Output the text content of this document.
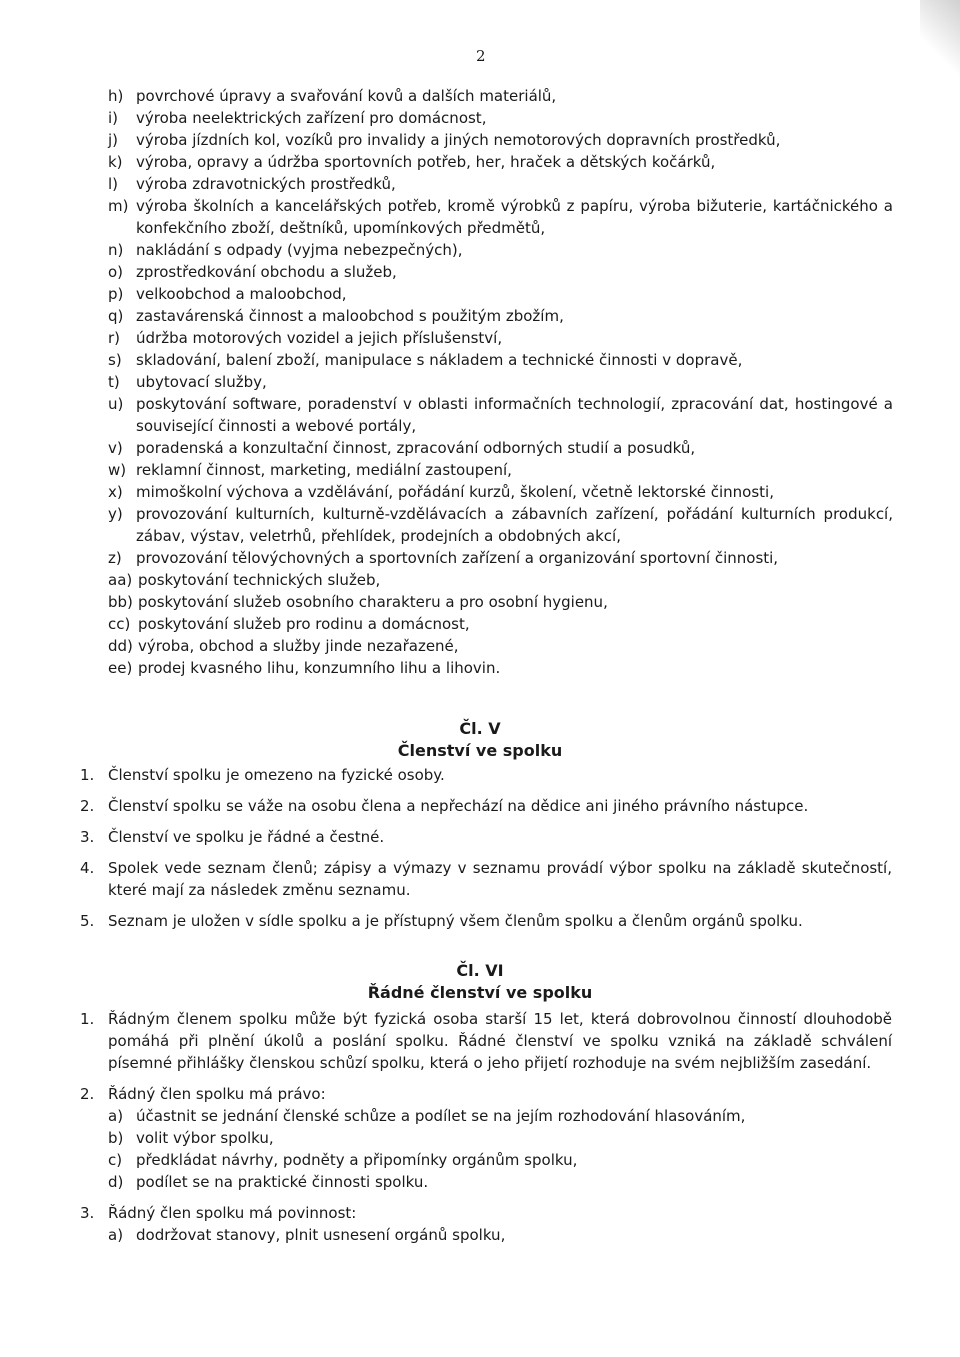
2
h) povrchové úpravy a svařování kovů a dalších materiálů,
i)	výroba neelektrických zařízení pro domácnost,
j)	výroba jízdních kol, vozíků pro invalidy a jiných nemotorových dopravních prostředků,
k) výroba, opravy a údržba sportovních potřeb, her, hraček a dětských kočárků,
l)	výroba zdravotnických prostředků,
m) výroba školních a kancelářských potřeb, kromě výrobků z papíru, výroba bižuterie, kartáčnického a konfekčního zboží, deštníků, upomínkových předmětů,
n) nakládání s odpady (vyjma nebezpečných),
o) zprostředkování obchodu a služeb,
p) velkoobchod a maloobchod,
q) zastavárenská činnost a maloobchod s použitým zbožím,
r)	údržba motorových vozidel a jejich příslušenství,
s) skladování, balení zboží, manipulace s nákladem a technické činnosti v dopravě,
t)	ubytovací služby,
u) poskytování software, poradenství v oblasti informačních technologií, zpracování dat, hostingové a související činnosti a webové portály,
v) poradenská a konzultační činnost, zpracování odborných studií a posudků,
w) reklamní činnost, marketing, mediální zastoupení,
x) mimoškolní výchova a vzdělávání, pořádání kurzů, školení, včetně lektorské činnosti,
y) provozování kulturních, kulturně-vzdělávacích a zábavních zařízení, pořádání kulturních produkcí, zábav, výstav, veletrhů, přehlídek, prodejních a obdobných akcí,
z) provozování tělovýchovných a sportovních zařízení a organizování sportovní činnosti,
aa) poskytování technických služeb,
bb) poskytování služeb osobního charakteru a pro osobní hygienu,
cc) poskytování služeb pro rodinu a domácnost,
dd) výroba, obchod a služby jinde nezařazené,
ee) prodej kvasného lihu, konzumního lihu a lihovin.
Čl. V
Členství ve spolku
1. Členství spolku je omezeno na fyzické osoby.
2. Členství spolku se váže na osobu člena a nepřechází na dědice ani jiného právního nástupce.
3. Členství ve spolku je řádné a čestné.
4. Spolek vede seznam členů; zápisy a výmazy v seznamu provádí výbor spolku na základě skutečností, které mají za následek změnu seznamu.
5. Seznam je uložen v sídle spolku a je přístupný všem členům spolku a členům orgánů spolku.
Čl. VI
Řádné členství ve spolku
1. Řádným členem spolku může být fyzická osoba starší 15 let, která dobrovolnou činností dlouhodobě pomáhá při plnění úkolů a poslání spolku. Řádné členství ve spolku vzniká na základě schválení písemné přihlášky členskou schůzí spolku, která o jeho přijetí rozhoduje na svém nejbližším zasedání.
2. Řádný člen spolku má právo:
a) účastnit se jednání členské schůze a podílet se na jejím rozhodování hlasováním,
b) volit výbor spolku,
c) předkládat návrhy, podněty a připomínky orgánům spolku,
d) podílet se na praktické činnosti spolku.
3. Řádný člen spolku má povinnost:
a) dodržovat stanovy, plnit usnesení orgánů spolku,
